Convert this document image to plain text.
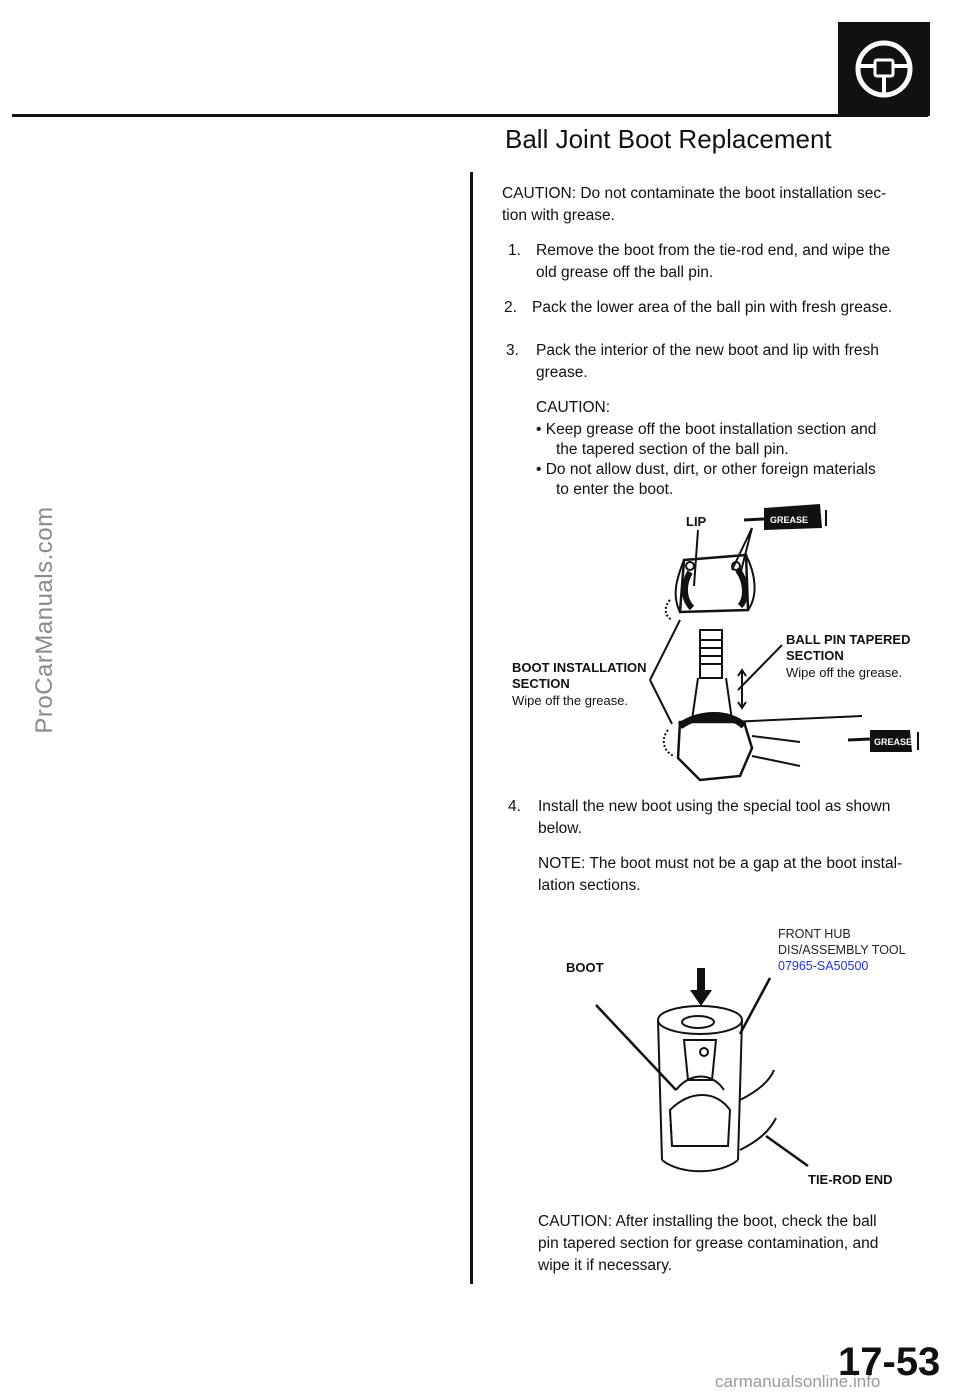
ProCarManuals.com
Ball Joint Boot Replacement
CAUTION: Do not contaminate the boot installation sec-
tion with grease.
1. Remove the boot from the tie-rod end, and wipe the
old grease off the ball pin.
2. Pack the lower area of the ball pin with fresh grease.
3.	Pack the interior of the new boot and lip with fresh
grease.
CAUTION:
• Keep grease off the boot installation section and
the tapered section of the ball pin.
• Do not allow dust, dirt, or other foreign materials
to enter the boot.
GREASE
GREASE
LIP
BALL PIN TAPERED
SECTION
Wipe off the grease.
BOOT INSTALLATION
SECTION
Wipe off the grease.
4.	Install the new boot using the special tool as shown
below.
NOTE: The boot must not be a gap at the boot instal-
lation sections.
FRONT HUB
DIS/ASSEMBLY TOOL
07965-SA50500
BOOT
TIE-ROD END
CAUTION: After installing the boot, check the ball
pin tapered section for grease contamination, and
wipe it if necessary.
17-53
carmanualsonline.info
